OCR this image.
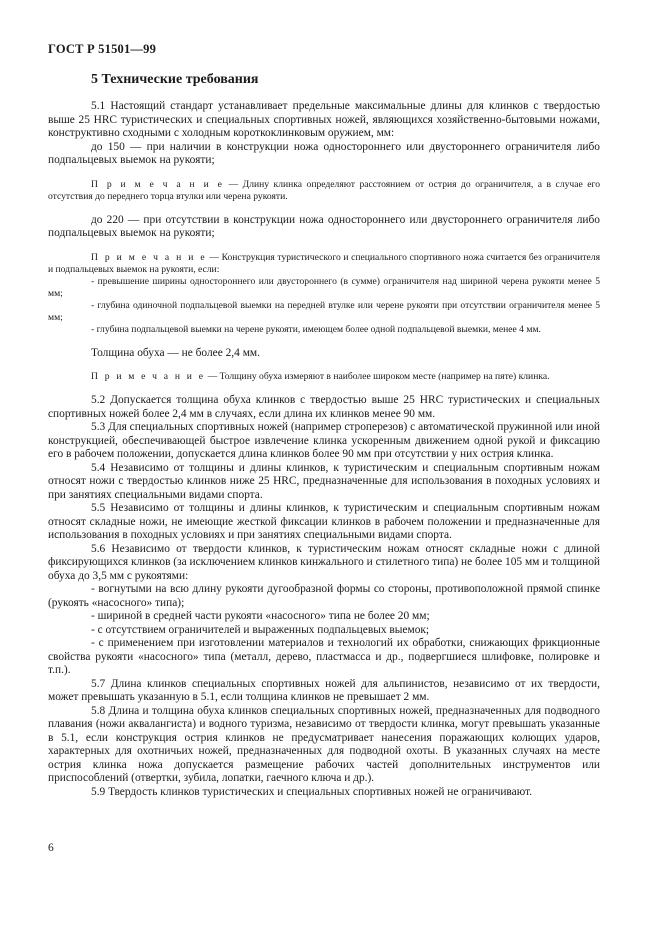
ГОСТ Р 51501—99
5 Технические требования

5.1 Настоящий стандарт устанавливает предельные максимальные длины для клинков с твердостью выше 25 HRC туристических и специальных спортивных ножей, являющихся хозяйственно-бытовыми ножами, конструктивно сходными с холодным короткоклинковым оружием, мм:

до 150 — при наличии в конструкции ножа одностороннего или двустороннего ограничителя либо подпальцевых выемок на рукояти;

П р и м е ч а н и е — Длину клинка определяют расстоянием от острия до ограничителя, а в случае его отсутствия до переднего торца втулки или черена рукояти.

до 220 — при отсутствии в конструкции ножа одностороннего или двустороннего ограничителя либо подпальцевых выемок на рукояти;

П р и м е ч а н и е — Конструкция туристического и специального спортивного ножа считается без ограничителя и подпальцевых выемок на рукояти, если:

- превышение ширины одностороннего или двустороннего (в сумме) ограничителя над шириной черена рукояти менее 5 мм;

- глубина одиночной подпальцевой выемки на передней втулке или черене рукояти при отсутствии ограничителя менее 5 мм;

- глубина подпальцевой выемки на черене рукояти, имеющем более одной подпальцевой выемки, менее 4 мм.

Толщина обуха — не более 2,4 мм.

П р и м е ч а н и е — Толщину обуха измеряют в наиболее широком месте (например на пяте) клинка.

5.2 Допускается толщина обуха клинков с твердостью выше 25 HRC туристических и специальных спортивных ножей более 2,4 мм в случаях, если длина их клинков менее 90 мм.

5.3 Для специальных спортивных ножей (например строперезов) с автоматической пружинной или иной конструкцией, обеспечивающей быстрое извлечение клинка ускоренным движением одной рукой и фиксацию его в рабочем положении, допускается длина клинков более 90 мм при отсутствии у них острия клинка.

5.4 Независимо от толщины и длины клинков, к туристическим и специальным спортивным ножам относят ножи с твердостью клинков ниже 25 HRC, предназначенные для использования в походных условиях и при занятиях специальными видами спорта.

5.5 Независимо от толщины и длины клинков, к туристическим и специальным спортивным ножам относят складные ножи, не имеющие жесткой фиксации клинков в рабочем положении и предназначенные для использования в походных условиях и при занятиях специальными видами спорта.

5.6 Независимо от твердости клинков, к туристическим ножам относят складные ножи с длиной фиксирующихся клинков (за исключением клинков кинжального и стилетного типа) не более 105 мм и толщиной обуха до 3,5 мм с рукоятями:

- вогнутыми на всю длину рукояти дугообразной формы со стороны, противоположной прямой спинке (рукоять «насосного» типа);

- шириной в средней части рукояти «насосного» типа не более 20 мм;

- с отсутствием ограничителей и выраженных подпальцевых выемок;

- с применением при изготовлении материалов и технологий их обработки, снижающих фрикционные свойства рукояти «насосного» типа (металл, дерево, пластмасса и др., подвергшиеся шлифовке, полировке и т.п.).

5.7 Длина клинков специальных спортивных ножей для альпинистов, независимо от их твердости, может превышать указанную в 5.1, если толщина клинков не превышает 2 мм.

5.8 Длина и толщина обуха клинков специальных спортивных ножей, предназначенных для подводного плавания (ножи аквалангиста) и водного туризма, независимо от твердости клинка, могут превышать указанные в 5.1, если конструкция острия клинков не предусматривает нанесения поражающих колющих ударов, характерных для охотничьих ножей, предназначенных для подводной охоты. В указанных случаях на месте острия клинка ножа допускается размещение рабочих частей дополнительных инструментов или приспособлений (отвертки, зубила, лопатки, гаечного ключа и др.).

5.9 Твердость клинков туристических и специальных спортивных ножей не ограничивают.

6
